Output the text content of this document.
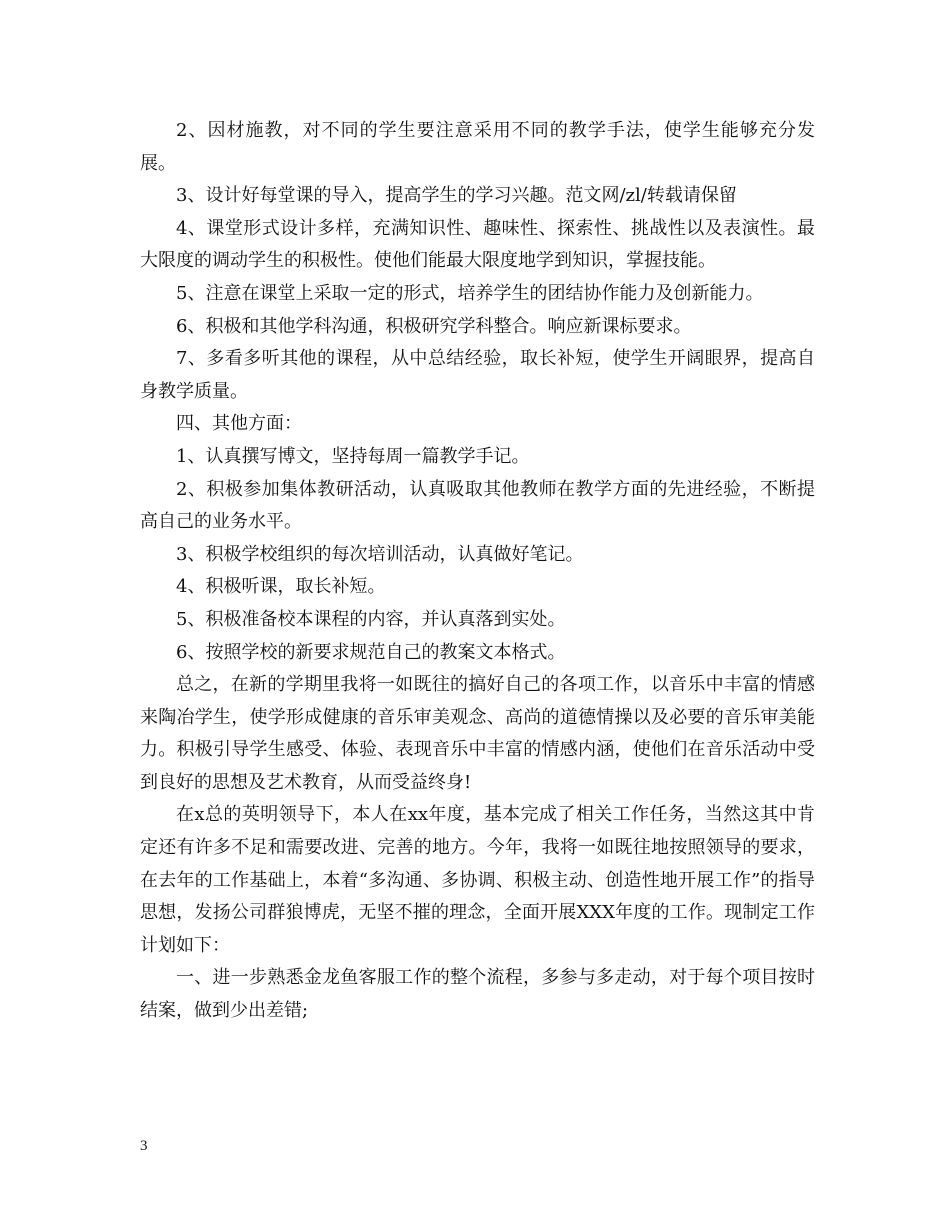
2、因材施教，对不同的学生要注意采用不同的教学手法，使学生能够充分发展。

3、设计好每堂课的导入，提高学生的学习兴趣。范文网/zl/转载请保留

4、课堂形式设计多样，充满知识性、趣味性、探索性、挑战性以及表演性。最大限度的调动学生的积极性。使他们能最大限度地学到知识，掌握技能。

5、注意在课堂上采取一定的形式，培养学生的团结协作能力及创新能力。

6、积极和其他学科沟通，积极研究学科整合。响应新课标要求。

7、多看多听其他的课程，从中总结经验，取长补短，使学生开阔眼界，提高自身教学质量。

四、其他方面：

1、认真撰写博文，坚持每周一篇教学手记。

2、积极参加集体教研活动，认真吸取其他教师在教学方面的先进经验，不断提高自己的业务水平。

3、积极学校组织的每次培训活动，认真做好笔记。

4、积极听课，取长补短。

5、积极准备校本课程的内容，并认真落到实处。

6、按照学校的新要求规范自己的教案文本格式。

总之，在新的学期里我将一如既往的搞好自己的各项工作，以音乐中丰富的情感来陶冶学生，使学形成健康的音乐审美观念、高尚的道德情操以及必要的音乐审美能力。积极引导学生感受、体验、表现音乐中丰富的情感内涵，使他们在音乐活动中受到良好的思想及艺术教育，从而受益终身!

在x总的英明领导下，本人在xx年度，基本完成了相关工作任务，当然这其中肯定还有许多不足和需要改进、完善的地方。今年，我将一如既往地按照领导的要求，在去年的工作基础上，本着“多沟通、多协调、积极主动、创造性地开展工作”的指导思想，发扬公司群狼博虎，无坚不摧的理念，全面开展XXX年度的工作。现制定工作计划如下：

一、进一步熟悉金龙鱼客服工作的整个流程，多参与多走动，对于每个项目按时结案，做到少出差错;

3
